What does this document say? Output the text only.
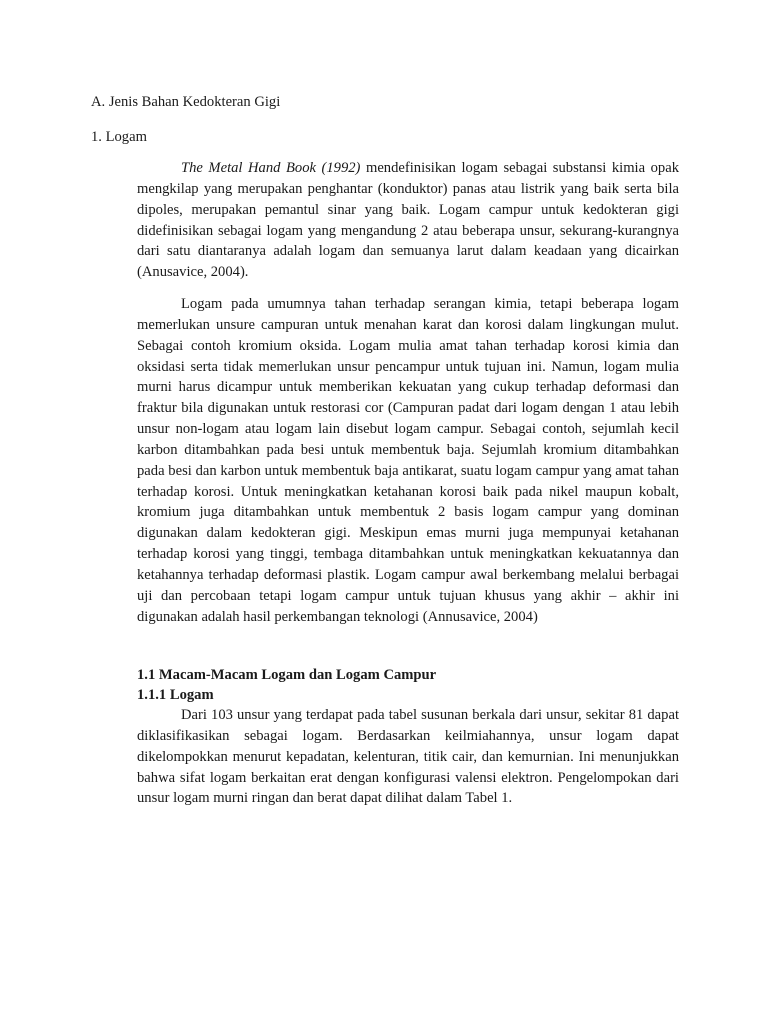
A. Jenis Bahan Kedokteran Gigi

1. Logam

The Metal Hand Book (1992) mendefinisikan logam sebagai substansi kimia opak mengkilap yang merupakan penghantar (konduktor) panas atau listrik yang baik serta bila dipoles, merupakan pemantul sinar yang baik. Logam campur untuk kedokteran gigi didefinisikan sebagai logam yang mengandung 2 atau beberapa unsur, sekurang-kurangnya dari satu diantaranya adalah logam dan semuanya larut dalam keadaan yang dicairkan (Anusavice, 2004).

Logam pada umumnya tahan terhadap serangan kimia, tetapi beberapa logam memerlukan unsure campuran untuk menahan karat dan korosi dalam lingkungan mulut. Sebagai contoh kromium oksida. Logam mulia amat tahan terhadap korosi kimia dan oksidasi serta tidak memerlukan unsur pencampur untuk tujuan ini. Namun, logam mulia murni harus dicampur untuk memberikan kekuatan yang cukup terhadap deformasi dan fraktur bila digunakan untuk restorasi cor (Campuran padat dari logam dengan 1 atau lebih unsur non-logam atau logam lain disebut logam campur. Sebagai contoh, sejumlah kecil karbon ditambahkan pada besi untuk membentuk baja. Sejumlah kromium ditambahkan pada besi dan karbon untuk membentuk baja antikarat, suatu logam campur yang amat tahan terhadap korosi. Untuk meningkatkan ketahanan korosi baik pada nikel maupun kobalt, kromium juga ditambahkan untuk membentuk 2 basis logam campur yang dominan digunakan dalam kedokteran gigi. Meskipun emas murni juga mempunyai ketahanan terhadap korosi yang tinggi, tembaga ditambahkan untuk meningkatkan kekuatannya dan ketahannya terhadap deformasi plastik. Logam campur awal berkembang melalui berbagai uji dan percobaan tetapi logam campur untuk tujuan khusus yang akhir – akhir ini digunakan adalah hasil perkembangan teknologi (Annusavice, 2004)

1.1 Macam-Macam Logam dan Logam Campur

1.1.1 Logam

Dari 103 unsur yang terdapat pada tabel susunan berkala dari unsur, sekitar 81 dapat diklasifikasikan sebagai logam. Berdasarkan keilmiahannya, unsur logam dapat dikelompokkan menurut kepadatan, kelenturan, titik cair, dan kemurnian. Ini menunjukkan bahwa sifat logam berkaitan erat dengan konfigurasi valensi elektron. Pengelompokan dari unsur logam murni ringan dan berat dapat dilihat dalam Tabel 1.
